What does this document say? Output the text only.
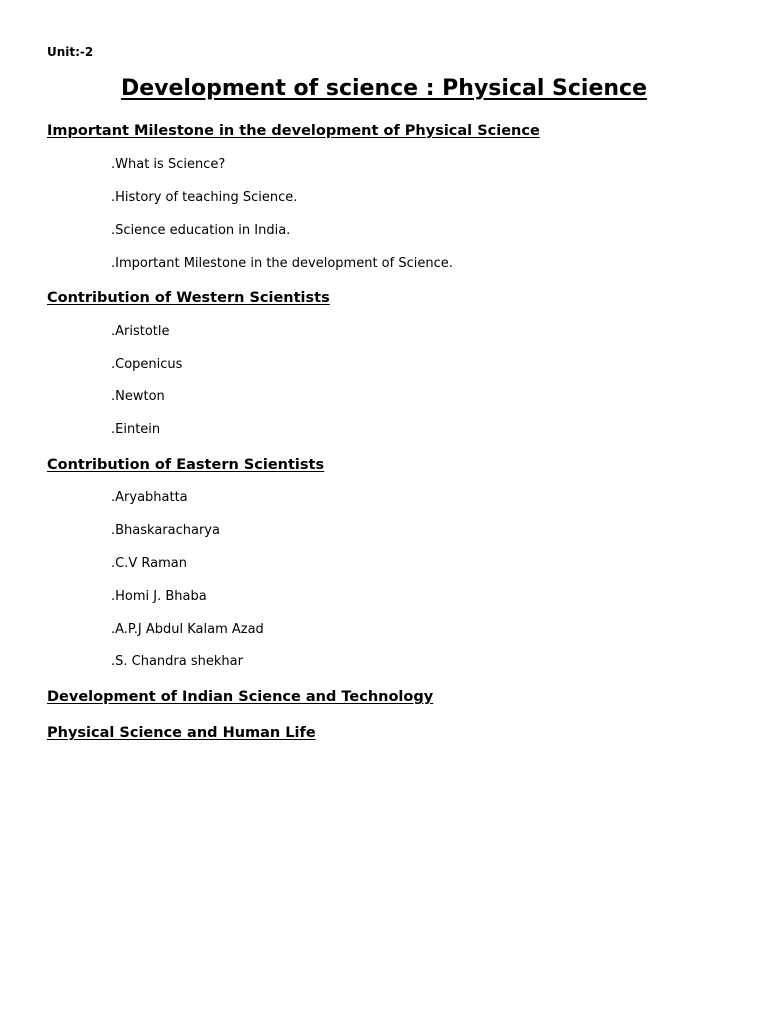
Unit:-2
Development of science : Physical Science
Important Milestone in the development of Physical Science
.What is Science?
.History of teaching Science.
.Science education in India.
.Important Milestone in the development of Science.
Contribution of Western Scientists
.Aristotle
.Copenicus
.Newton
.Eintein
Contribution of Eastern Scientists
.Aryabhatta
.Bhaskaracharya
.C.V Raman
.Homi J. Bhaba
.A.P.J Abdul Kalam Azad
.S. Chandra shekhar
Development of Indian Science and Technology
Physical Science and Human Life
